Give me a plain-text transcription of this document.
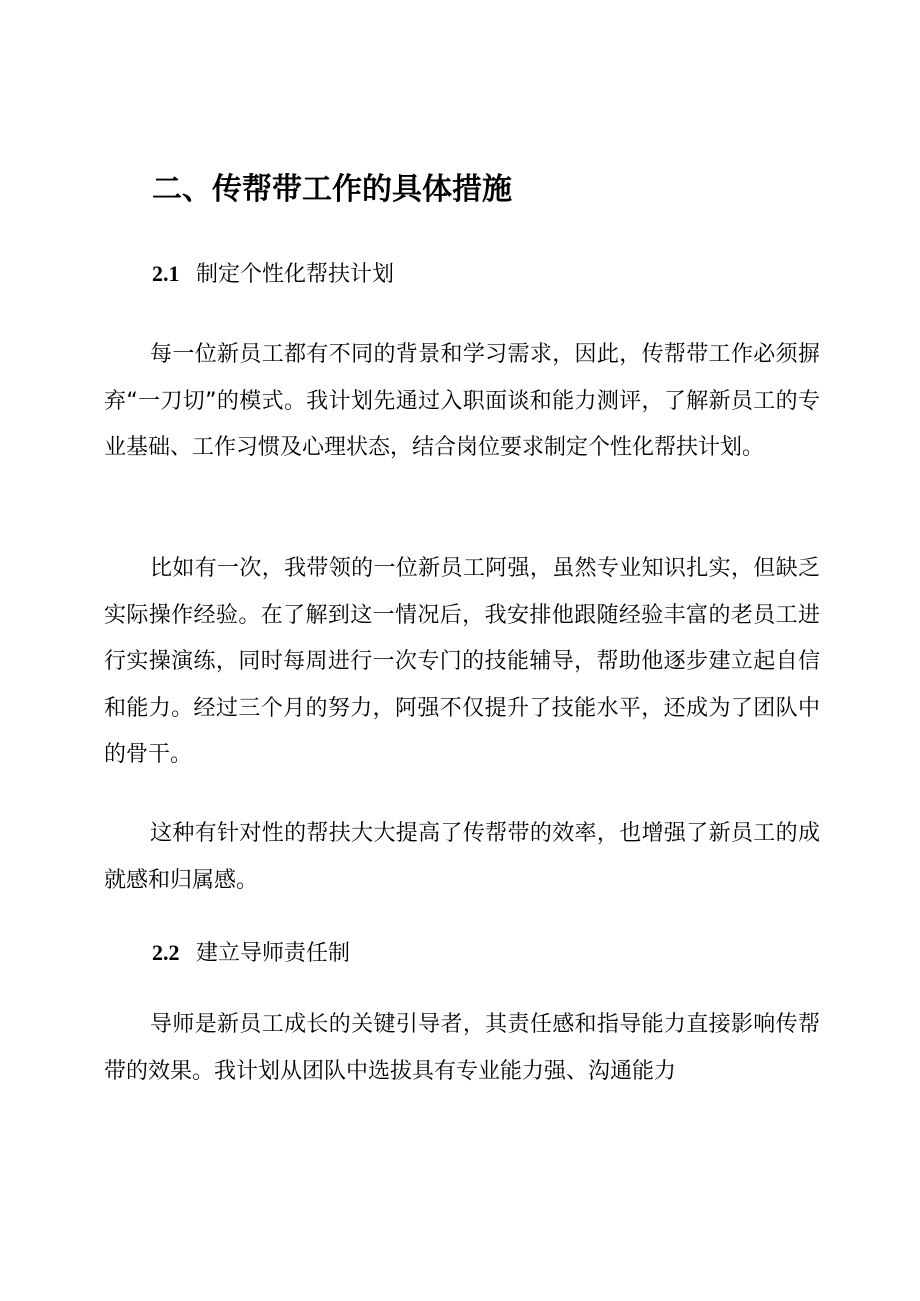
二、传帮带工作的具体措施
2.1 制定个性化帮扶计划

每一位新员工都有不同的背景和学习需求，因此，传帮带工作必须摒弃“一刀切”的模式。我计划先通过入职面谈和能力测评，了解新员工的专业基础、工作习惯及心理状态，结合岗位要求制定个性化帮扶计划。

比如有一次，我带领的一位新员工阿强，虽然专业知识扎实，但缺乏实际操作经验。在了解到这一情况后，我安排他跟随经验丰富的老员工进行实操演练，同时每周进行一次专门的技能辅导，帮助他逐步建立起自信和能力。经过三个月的努力，阿强不仅提升了技能水平，还成为了团队中的骨干。

这种有针对性的帮扶大大提高了传帮带的效率，也增强了新员工的成就感和归属感。

2.2 建立导师责任制

导师是新员工成长的关键引导者，其责任感和指导能力直接影响传帮带的效果。我计划从团队中选拔具有专业能力强、沟通能力
